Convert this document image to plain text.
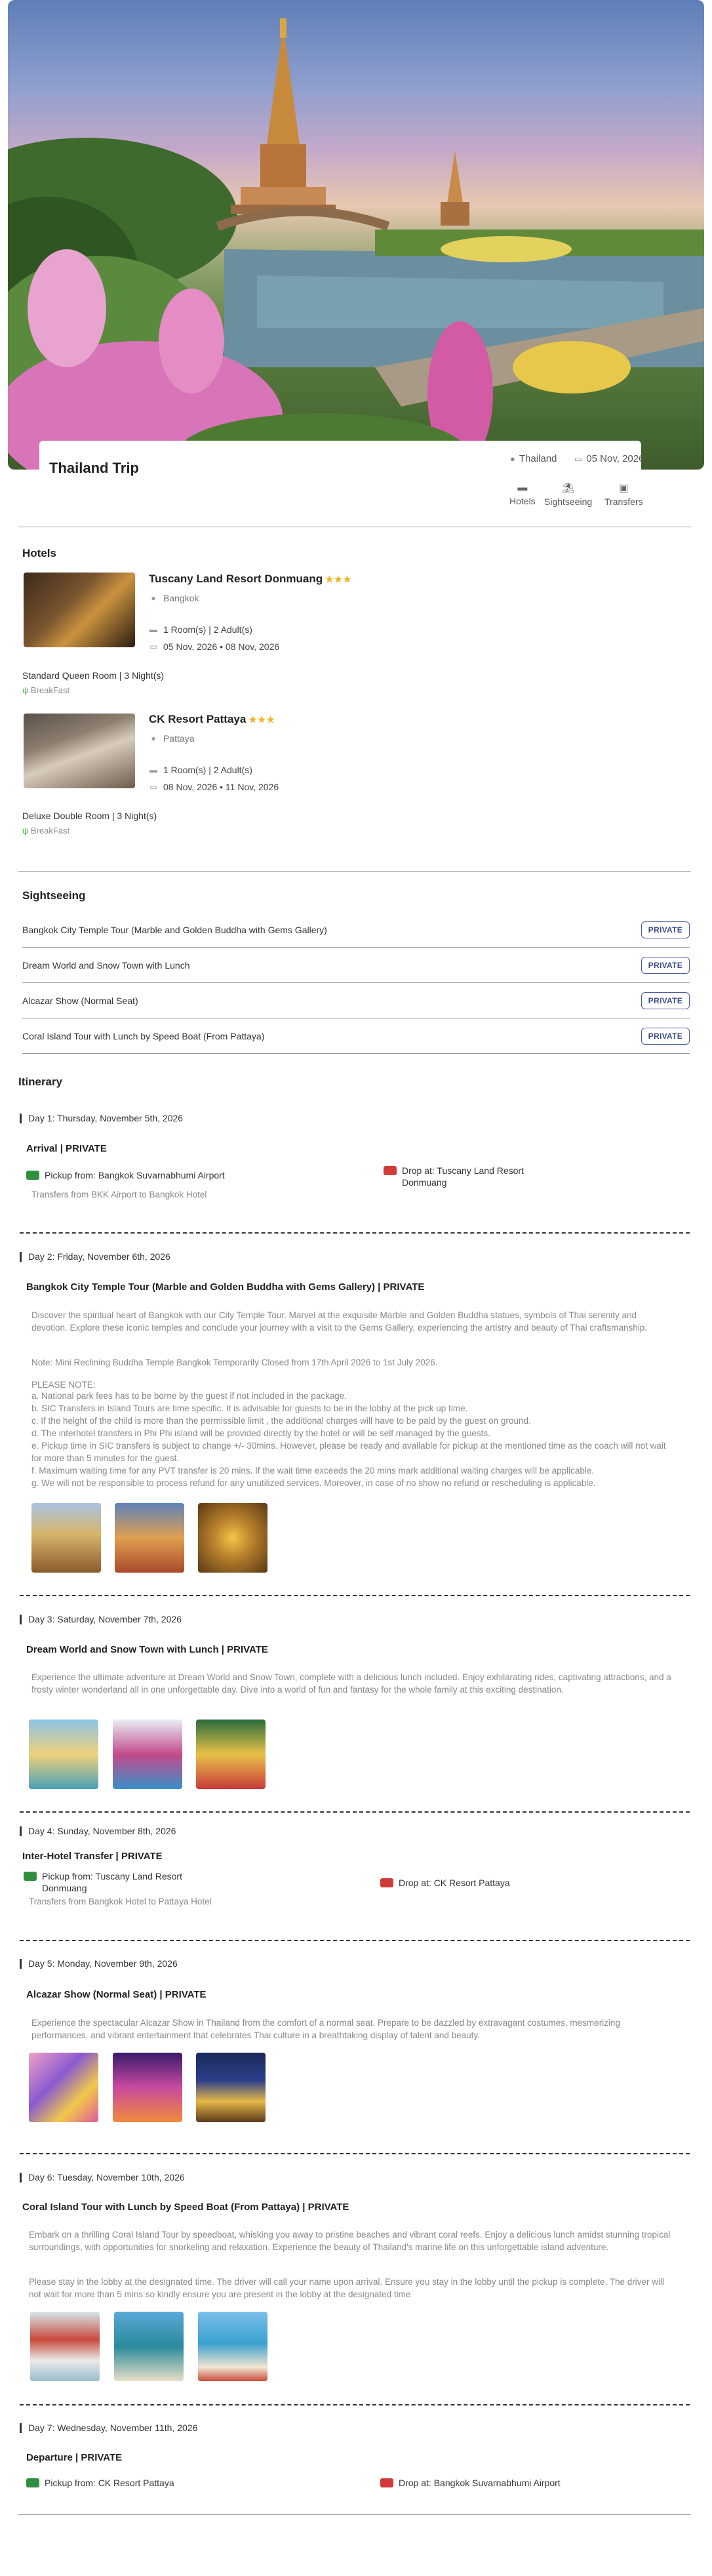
Thailand Trip
● Thailand ▭ 05 Nov, 2026
▬
Hotels
⛱
Sightseeing
▣
Transfers
Hotels
Tuscany Land Resort Donmuang ★★★
● Bangkok
▬ 1 Room(s) | 2 Adult(s)
▭ 05 Nov, 2026 • 08 Nov, 2026
Standard Queen Room | 3 Night(s)
ψ BreakFast
CK Resort Pattaya ★★★
● Pattaya
▬ 1 Room(s) | 2 Adult(s)
▭ 08 Nov, 2026 • 11 Nov, 2026
Deluxe Double Room | 3 Night(s)
ψ BreakFast
Sightseeing
Bangkok City Temple Tour (Marble and Golden Buddha with Gems Gallery)	PRIVATE
Dream World and Snow Town with Lunch	PRIVATE
Alcazar Show (Normal Seat)	PRIVATE
Coral Island Tour with Lunch by Speed Boat (From Pattaya)	PRIVATE
Itinerary
Day 1: Thursday, November 5th, 2026
Arrival | PRIVATE
Pickup from: Bangkok Suvarnabhumi Airport	Drop at: Tuscany Land Resort Donmuang
Transfers from BKK Airport to Bangkok Hotel
Day 2: Friday, November 6th, 2026
Bangkok City Temple Tour (Marble and Golden Buddha with Gems Gallery) | PRIVATE
Discover the spiritual heart of Bangkok with our City Temple Tour. Marvel at the exquisite Marble and Golden Buddha statues, symbols of Thai serenity and devotion. Explore these iconic temples and conclude your journey with a visit to the Gems Gallery, experiencing the artistry and beauty of Thai craftsmanship.
Note: Mini Reclining Buddha Temple Bangkok Temporarily Closed from 17th April 2026 to 1st July 2026.
PLEASE NOTE:
a. National park fees has to be borne by the guest if not included in the package.
b. SIC Transfers in Island Tours are time specific. It is advisable for guests to be in the lobby at the pick up time.
c. If the height of the child is more than the permissible limit , the additional charges will have to be paid by the guest on ground.
d. The interhotel transfers in Phi Phi island will be provided directly by the hotel or will be self managed by the guests.
e. Pickup time in SIC transfers is subject to change +/- 30mins. However, please be ready and available for pickup at the mentioned time as the coach will not wait for more than 5 minutes for the guest.
f. Maximum waiting time for any PVT transfer is 20 mins. If the wait time exceeds the 20 mins mark additional waiting charges will be applicable.
g. We will not be responsible to process refund for any unutilized services. Moreover, in case of no show no refund or rescheduling is applicable.
Day 3: Saturday, November 7th, 2026
Dream World and Snow Town with Lunch | PRIVATE
Experience the ultimate adventure at Dream World and Snow Town, complete with a delicious lunch included. Enjoy exhilarating rides, captivating attractions, and a frosty winter wonderland all in one unforgettable day. Dive into a world of fun and fantasy for the whole family at this exciting destination.
Day 4: Sunday, November 8th, 2026
Inter-Hotel Transfer | PRIVATE
Pickup from: Tuscany Land Resort Donmuang	Drop at: CK Resort Pattaya
Transfers from Bangkok Hotel to Pattaya Hotel
Day 5: Monday, November 9th, 2026
Alcazar Show (Normal Seat) | PRIVATE
Experience the spectacular Alcazar Show in Thailand from the comfort of a normal seat. Prepare to be dazzled by extravagant costumes, mesmerizing performances, and vibrant entertainment that celebrates Thai culture in a breathtaking display of talent and beauty.
Day 6: Tuesday, November 10th, 2026
Coral Island Tour with Lunch by Speed Boat (From Pattaya) | PRIVATE
Embark on a thrilling Coral Island Tour by speedboat, whisking you away to pristine beaches and vibrant coral reefs. Enjoy a delicious lunch amidst stunning tropical surroundings, with opportunities for snorkeling and relaxation. Experience the beauty of Thailand's marine life on this unforgettable island adventure.
Please stay in the lobby at the designated time. The driver will call your name upon arrival. Ensure you stay in the lobby until the pickup is complete. The driver will not wait for more than 5 mins so kindly ensure you are present in the lobby at the designated time
Day 7: Wednesday, November 11th, 2026
Departure | PRIVATE
Pickup from: CK Resort Pattaya	Drop at: Bangkok Suvarnabhumi Airport
